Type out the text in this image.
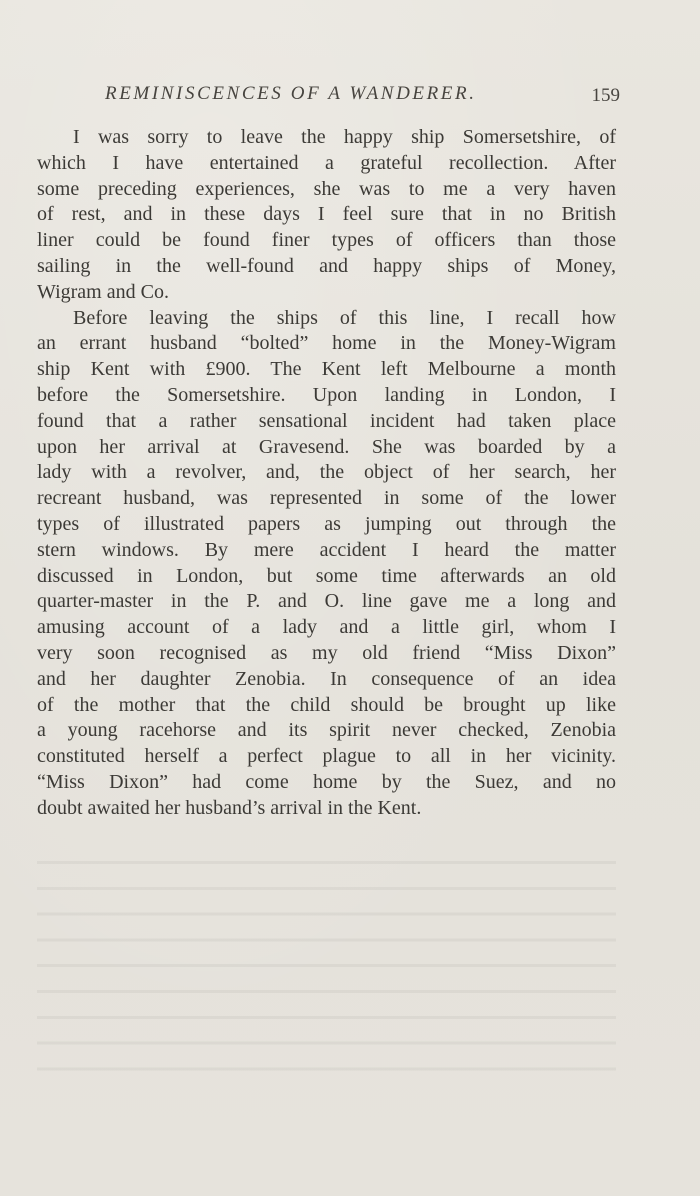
REMINISCENCES OF A WANDERER.	159

I was sorry to leave the happy ship Somersetshire, of
which I have entertained a grateful recollection. After
some preceding experiences, she was to me a very haven
of rest, and in these days I feel sure that in no British
liner could be found finer types of officers than those
sailing in the well-found and happy ships of Money,
Wigram and Co.

Before leaving the ships of this line, I recall how
an errant husband “bolted” home in the Money-Wigram
ship Kent with £900. The Kent left Melbourne a month
before the Somersetshire. Upon landing in London, I
found that a rather sensational incident had taken place
upon her arrival at Gravesend. She was boarded by a
lady with a revolver, and, the object of her search, her
recreant husband, was represented in some of the lower
types of illustrated papers as jumping out through the
stern windows. By mere accident I heard the matter
discussed in London, but some time afterwards an old
quarter-master in the P. and O. line gave me a long and
amusing account of a lady and a little girl, whom I
very soon recognised as my old friend “Miss Dixon”
and her daughter Zenobia. In consequence of an idea
of the mother that the child should be brought up like
a young racehorse and its spirit never checked, Zenobia
constituted herself a perfect plague to all in her vicinity.
“Miss Dixon” had come home by the Suez, and no
doubt awaited her husband’s arrival in the Kent.
